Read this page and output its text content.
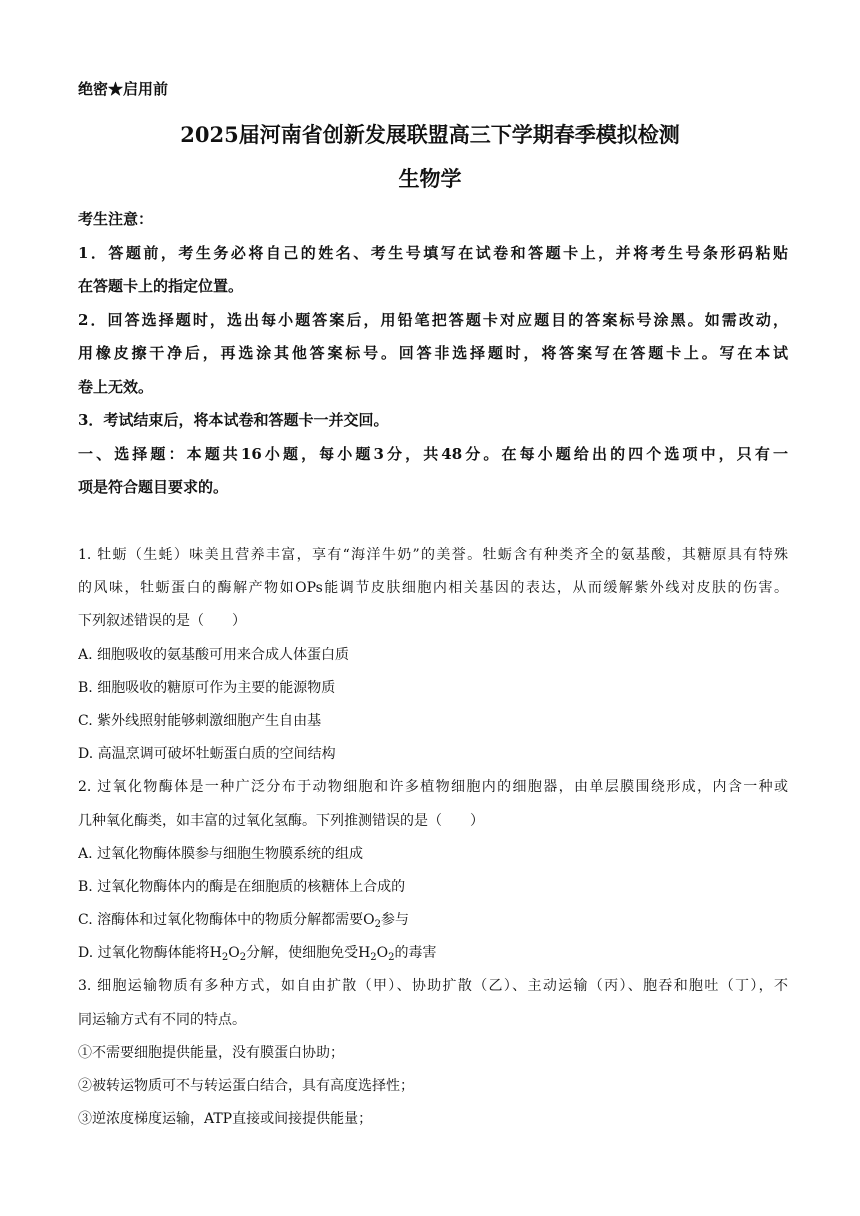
绝密★启用前
2025届河南省创新发展联盟高三下学期春季模拟检测
生物学
考生注意：
1．答题前，考生务必将自己的姓名、考生号填写在试卷和答题卡上，并将考生号条形码粘贴
在答题卡上的指定位置。
2．回答选择题时，选出每小题答案后，用铅笔把答题卡对应题目的答案标号涂黑。如需改动，
用橡皮擦干净后，再选涂其他答案标号。回答非选择题时，将答案写在答题卡上。写在本试
卷上无效。
3．考试结束后，将本试卷和答题卡一并交回。
一、选择题：本题共16小题，每小题3分，共48分。在每小题给出的四个选项中，只有一
项是符合题目要求的。
1. 牡蛎（生蚝）味美且营养丰富，享有“海洋牛奶”的美誉。牡蛎含有种类齐全的氨基酸，其糖原具有特殊
的风味，牡蛎蛋白的酶解产物如OPs能调节皮肤细胞内相关基因的表达，从而缓解紫外线对皮肤的伤害。
下列叙述错误的是（　　）
A. 细胞吸收的氨基酸可用来合成人体蛋白质
B. 细胞吸收的糖原可作为主要的能源物质
C. 紫外线照射能够刺激细胞产生自由基
D. 高温烹调可破坏牡蛎蛋白质的空间结构
2. 过氧化物酶体是一种广泛分布于动物细胞和许多植物细胞内的细胞器，由单层膜围绕形成，内含一种或
几种氧化酶类，如丰富的过氧化氢酶。下列推测错误的是（　　）
A. 过氧化物酶体膜参与细胞生物膜系统的组成
B. 过氧化物酶体内的酶是在细胞质的核糖体上合成的
C. 溶酶体和过氧化物酶体中的物质分解都需要$O_2$参与
D. 过氧化物酶体能将$H_2O_2$分解，使细胞免受$H_2O_2$的毒害
3. 细胞运输物质有多种方式，如自由扩散（甲）、协助扩散（乙）、主动运输（丙）、胞吞和胞吐（丁），不
同运输方式有不同的特点。
①不需要细胞提供能量，没有膜蛋白协助；
②被转运物质可不与转运蛋白结合，具有高度选择性；
③逆浓度梯度运输，ATP直接或间接提供能量；
